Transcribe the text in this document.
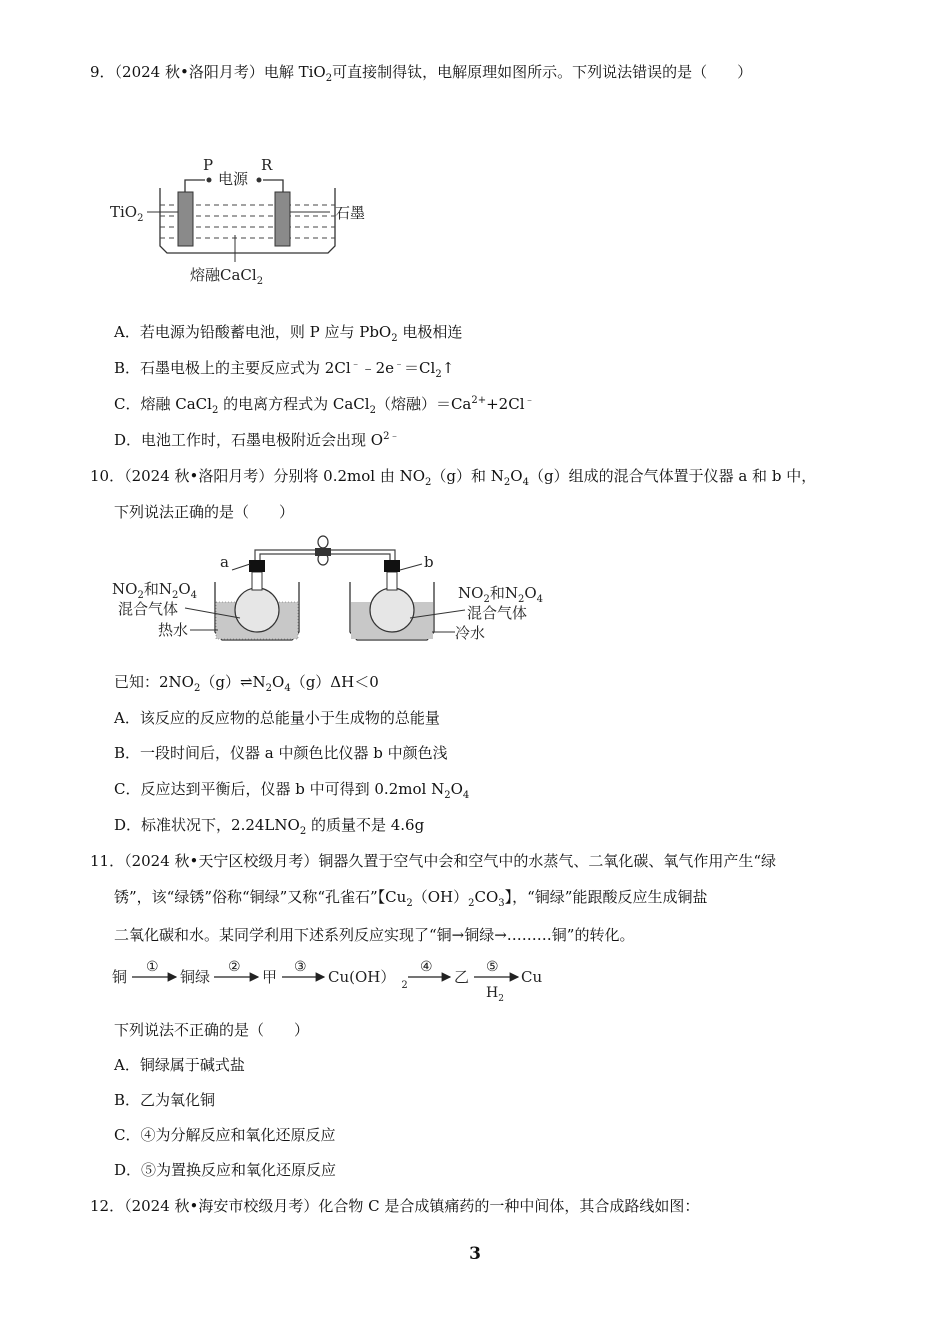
9．（2024 秋•洛阳月考）电解 TiO$_2$可直接制得钛，电解原理如图所示。下列说法错误的是（　　）
P	R
电源
TiO$_2$	石墨
熔融CaCl$_2$
A．若电源为铅酸蓄电池，则 P 应与 PbO$_2$ 电极相连
B．石墨电极上的主要反应式为 $2Cl^﹣﹣2e^﹣=Cl_2↑$
C．熔融 CaCl$_2$ 的电离方程式为 CaCl$_2$（熔融）$=Ca^{2+}+2Cl^﹣$
D．电池工作时，石墨电极附近会出现 $O^{2﹣}$
10．（2024 秋•洛阳月考）分别将 0.2mol 由 $NO_2(g)$和 $N_2O_4(g)$组成的混合气体置于仪器 a 和 b 中，
下列说法正确的是（　　）
a	b
$NO_2$和$N_2O_4$
混合气体
热水
$NO_2$和$N_2O_4$
混合气体
冷水
已知：$2NO_2(g)\rightleftharpoons N_2O_4(g)\Delta H<0$
A．该反应的反应物的总能量小于生成物的总能量
B．一段时间后，仪器 a 中颜色比仪器 b 中颜色浅
C．反应达到平衡后，仪器 b 中可得到 0.2mol $N_2O_4$
D．标准状况下，$2.24LNO_2$ 的质量不是 4.6g
11．（2024 秋•天宁区校级月考）铜器久置于空气中会和空气中的水蒸气、二氧化碳、氧气作用产生“绿
锈”，该“绿锈”俗称“铜绿”又称“孔雀石”【$Cu_2(OH)_2CO_3$】，“铜绿”能跟酸反应生成铜盐
二氧化碳和水。某同学利用下述系列反应实现了“铜→铜绿→………铜”的转化。
铜
①
铜绿
②
甲
③
Cu(OH） $_2$
④
乙
⑤
$H_2$
Cu
下列说法不正确的是（　　）
A．铜绿属于碱式盐
B．乙为氧化铜
C．④为分解反应和氧化还原反应
D．⑤为置换反应和氧化还原反应
12．（2024 秋•海安市校级月考）化合物 C 是合成镇痛药的一种中间体，其合成路线如图：
3
